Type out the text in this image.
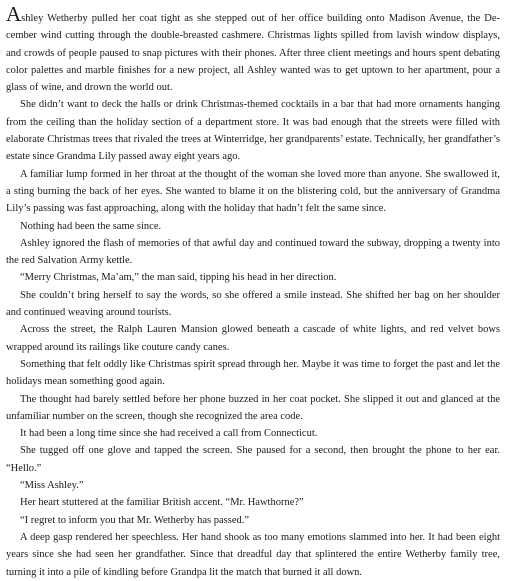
Ashley Wetherby pulled her coat tight as she stepped out of her office building onto Madison Avenue, the December wind cutting through the double-breasted cashmere. Christmas lights spilled from lavish window displays, and crowds of people paused to snap pictures with their phones. After three client meetings and hours spent debating color palettes and marble finishes for a new project, all Ashley wanted was to get uptown to her apartment, pour a glass of wine, and drown the world out.

She didn’t want to deck the halls or drink Christmas-themed cocktails in a bar that had more ornaments hanging from the ceiling than the holiday section of a department store. It was bad enough that the streets were filled with elaborate Christmas trees that rivaled the trees at Winterridge, her grandparents’ estate. Technically, her grandfather’s estate since Grandma Lily passed away eight years ago.

A familiar lump formed in her throat at the thought of the woman she loved more than anyone. She swallowed it, a sting burning the back of her eyes. She wanted to blame it on the blistering cold, but the anniversary of Grandma Lily’s passing was fast approaching, along with the holiday that hadn’t felt the same since.

Nothing had been the same since.

Ashley ignored the flash of memories of that awful day and continued toward the subway, dropping a twenty into the red Salvation Army kettle.

“Merry Christmas, Ma’am,” the man said, tipping his head in her direction.

She couldn’t bring herself to say the words, so she offered a smile instead. She shifted her bag on her shoulder and continued weaving around tourists.

Across the street, the Ralph Lauren Mansion glowed beneath a cascade of white lights, and red velvet bows wrapped around its railings like couture candy canes.

Something that felt oddly like Christmas spirit spread through her. Maybe it was time to forget the past and let the holidays mean something good again.

The thought had barely settled before her phone buzzed in her coat pocket. She slipped it out and glanced at the unfamiliar number on the screen, though she recognized the area code.

It had been a long time since she had received a call from Connecticut.

She tugged off one glove and tapped the screen. She paused for a second, then brought the phone to her ear. “Hello.”

“Miss Ashley.”

Her heart stuttered at the familiar British accent. “Mr. Hawthorne?”

“I regret to inform you that Mr. Wetherby has passed.”

A deep gasp rendered her speechless. Her hand shook as too many emotions slammed into her. It had been eight years since she had seen her grandfather. Since that dreadful day that splintered the entire Wetherby family tree, turning it into a pile of kindling before Grandpa lit the match that burned it all down.
